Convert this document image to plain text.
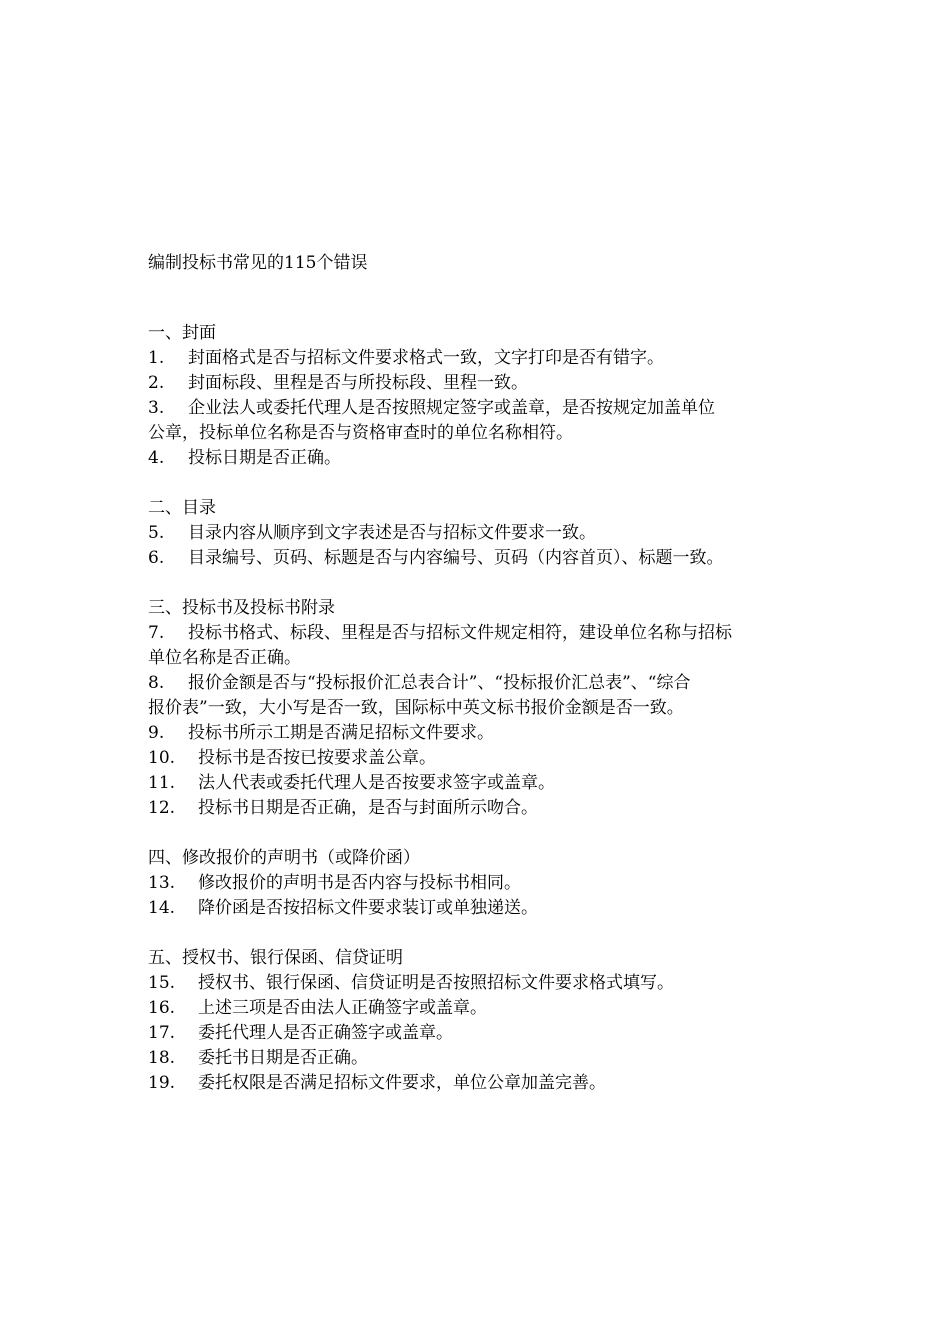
编制投标书常见的115个错误
一、封面
1.	封面格式是否与招标文件要求格式一致，文字打印是否有错字。
2.	封面标段、里程是否与所投标段、里程一致。
3.	企业法人或委托代理人是否按照规定签字或盖章，是否按规定加盖单位
公章，投标单位名称是否与资格审查时的单位名称相符。
4.	投标日期是否正确。
二、目录
5.	目录内容从顺序到文字表述是否与招标文件要求一致。
6.	目录编号、页码、标题是否与内容编号、页码（内容首页）、标题一致。
三、投标书及投标书附录
7.	投标书格式、标段、里程是否与招标文件规定相符，建设单位名称与招标
单位名称是否正确。
8.	报价金额是否与“投标报价汇总表合计”、“投标报价汇总表”、“综合
报价表”一致，大小写是否一致，国际标中英文标书报价金额是否一致。
9.	投标书所示工期是否满足招标文件要求。
10.	投标书是否按已按要求盖公章。
11.	法人代表或委托代理人是否按要求签字或盖章。
12.	投标书日期是否正确，是否与封面所示吻合。
四、修改报价的声明书（或降价函）
13.	修改报价的声明书是否内容与投标书相同。
14.	降价函是否按招标文件要求装订或单独递送。
五、授权书、银行保函、信贷证明
15.	授权书、银行保函、信贷证明是否按照招标文件要求格式填写。
16.	上述三项是否由法人正确签字或盖章。
17.	委托代理人是否正确签字或盖章。
18.	委托书日期是否正确。
19.	委托权限是否满足招标文件要求，单位公章加盖完善。
